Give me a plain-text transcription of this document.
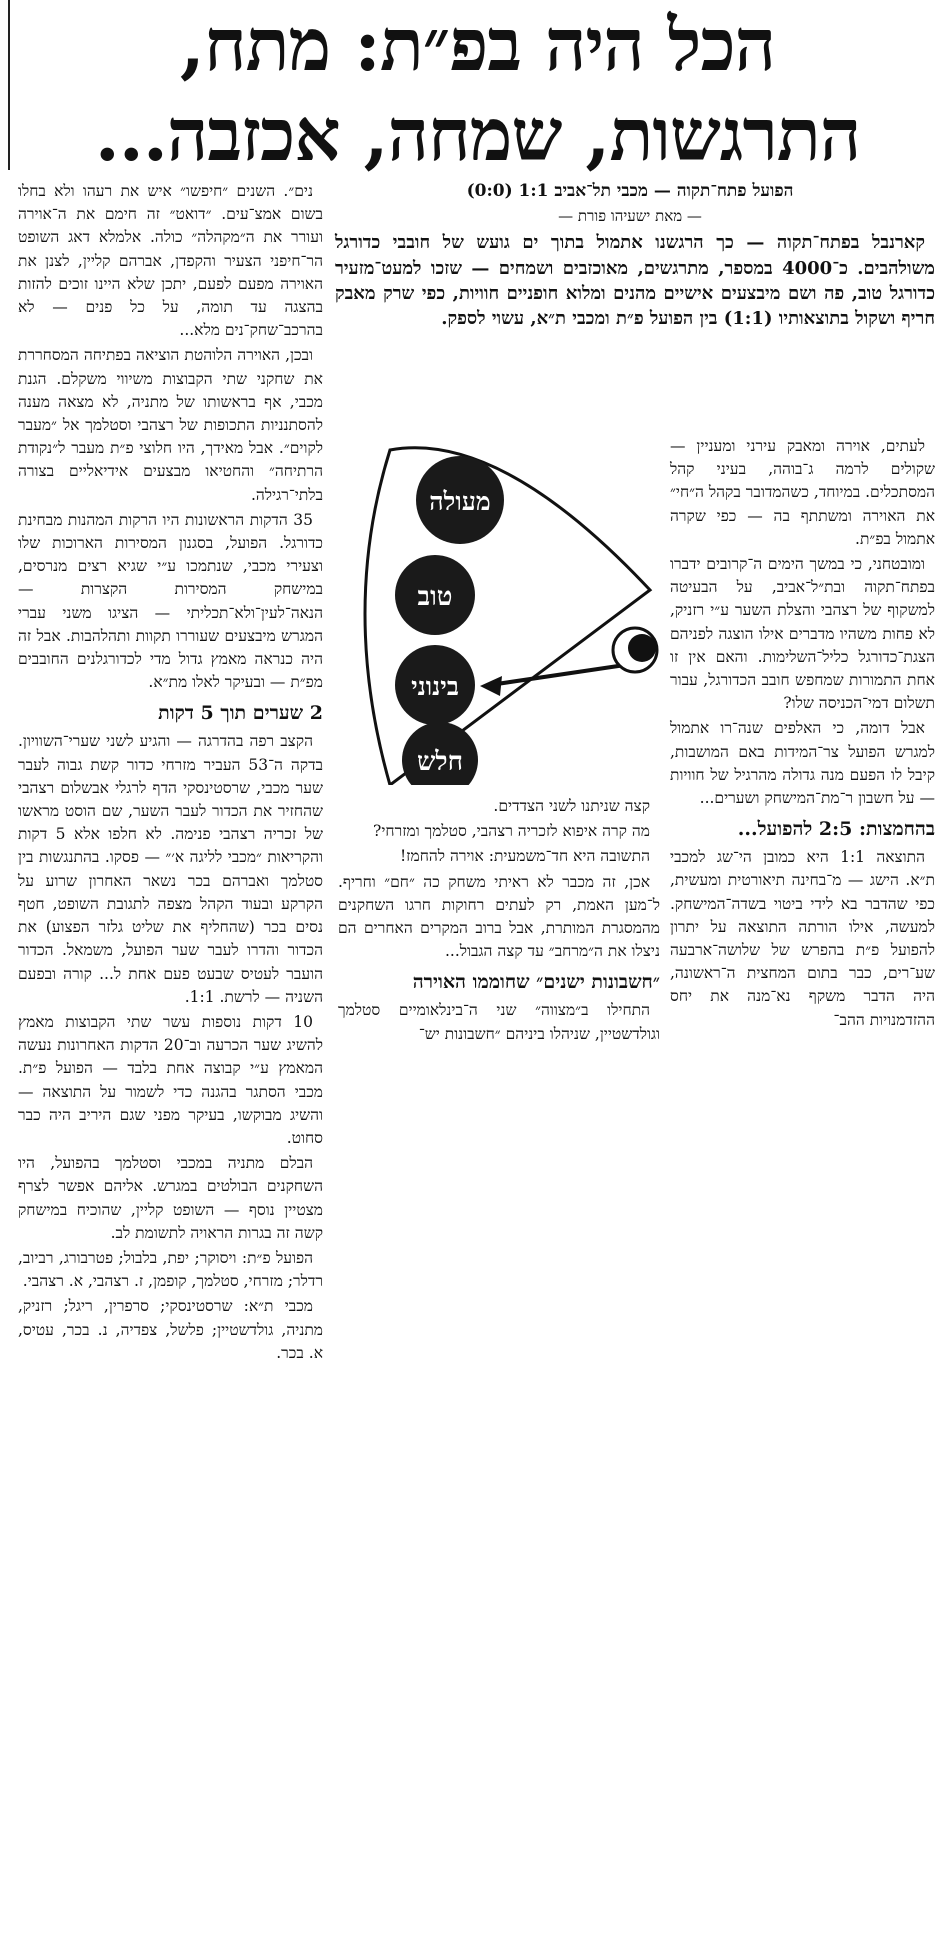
הכל היה בפ״ת: מתח,
התרגשות, שמחה, אכזבה...

הפועל פתח־תקוה — מכבי תל־אביב 1:1 (0:0)

— מאת ישעיהו פורת —

קארנבל בפתח־תקוה — כך הרגשנו אתמול בתוך ים גועש של חובבי כדורגל משולהבים. כ־4000 במספר, מתרגשים, מאוכזבים ושמחים — שזכו למעט־מזעיר כדורגל טוב, פה ושם מיבצעים אישיים מהנים ומלוא חופניים חוויות, כפי שרק מאבק חריף ושקול בתוצאותיו (1:1) בין הפועל פ״ת ומכבי ת״א, עשוי לספק.

לעתים, אוירה ומאבק עירני ומעניין — שקולים לרמה ג־בוהה, בעיני קהל המסתכלים. במיוחד, כשהמדובר בקהל ה״חי״ את האוירה ומשתתף בה — כפי שקרה אתמול בפ״ת.

ומובטחני, כי במשך הימים ה־קרובים ידברו בפתח־תקוה ובת״ל־אביב, על הבעיטה למשקוף של רצהבי והצלת השער ע״י רזניק, לא פחות משהיו מדברים אילו הוצגה לפניהם הצגת־כדורגל כליל־השלימות. והאם אין זו אחת התמורות שמחפש חובב הכדורגל, עבור תשלום דמי־הכניסה שלו?

אבל דומה, כי האלפים שנה־רו אתמול למגרש הפועל צר־המידות באם המושבות, קיבל לו הפעם מנה גדולה מהרגיל של חוויות — על חשבון ר־מת־המישחק ושערים...

בהחמצות: 2:5 להפועל...

התוצאה 1:1 היא כמובן הי־שג למכבי ת״א. הישג — מ־בחינה תיאורטית ומעשית, כפי שהדבר בא לידי ביטוי בשדה־המישחק. למעשה, אילו הורתה התוצאה על יתרון להפועל פ״ת בהפרש של שלושה־ארבעה שע־רים, כבר בתום המחצית ה־ראשונה, היה הדבר משקף נא־מנה את יחס ההזדמנויות ההב־

מעולה
טוב
בינוני
חלש

קצה שניתנו לשני הצדדים.

מה קרה איפוא לזכריה רצהבי, סטלמך ומזרחי?

התשובה היא חד־משמעית: אוירה להחמז!

אכן, זה מכבר לא ראיתי משחק כה ״חם״ וחריף. ל־מען האמת, רק לעתים רחוקות חרגו השחקנים מהמסגרת המותרת, אבל ברוב המקרים האחרים הם ניצלו את ה״מרחב״ עד קצה הגבול...

״חשבונות ישנים״ שחוממו האוירה

התחילו ב״מצווה״ שני ה־בינלאומיים סטלמך וגולדשטיין, שניהלו ביניהם ״חשבונות יש־

נים״. השנים ״חיפשו״ איש את רעהו ולא בחלו בשום אמצ־עים. ״דואט״ זה חימם את ה־אוירה ועורר את ה״מקהלה״ כולה. אלמלא דאג השופט הר־חיפני הצעיר והקפדן, אברהם קליין, לצנן את האוירה מפעם לפעם, יתכן שלא היינו זוכים להזות בהצגה עד תומה, על כל פנים — לא בהרכב־שחק־נים מלא...

ובכן, האוירה הלוהטת הוציאה בפתיחה המסחררת את שחקני שתי הקבוצות משיווי משקלם. הגנת מכבי, אף בראשותו של מתניה, לא מצאה מענה להסתנניות התכופות של רצהבי וסטלמך אל ״מעבר לקוים״. אבל מאידך, היו חלוצי פ״ת מעבר ל״נקודת הרתיחה״ והחטיאו מבצעים אידיאליים בצורה בלתי־רגילה.

35 הדקות הראשונות היו הרקות המהנות מבחינת כדורגל. הפועל, בסגנון המסירות הארוכות שלו וצעירי מכבי, שנתמכו ע״י שגיא רצים מנרסים, במישחק המסירות הקצרות — הנאה־לעין־ולא־תכליתי — הציגו משני עברי המגרש מיבצעים שעוררו תקוות ותהלהבות. אבל זה היה כנראה מאמץ גדול מדי לכדורגלנים החובבים מפ״ת — ובעיקר לאלו מת״א.

2 שערים תוך 5 דקות

הקצב רפה בהדרגה — והגיע לשני שערי־השוויון. בדקה ה־53 העביר מזרחי כדור קשת גבוה לעבר שער מכבי, שרסטינסקי הדף לרגלי אבשלום רצהבי שהחזיר את הכדור לעבר השער, שם הוסט מראשו של זכריה רצהבי פנימה. לא חלפו אלא 5 דקות והקריאות ״מכבי לליגה א׳״ — פסקו. בהתנגשות בין סטלמך ואברהם בכר נשאר האחרון שרוע על הקרקע ובעוד הקהל מצפה לתגובת השופט, חטף נסים בכר (שהחליף את שליט גלזר הפצוע) את הכדור והדרו לעבר שער הפועל, משמאל. הכדור הועבר לעטיס שבעט פעם אחת ל... קורה ובפעם השניה — לרשת. 1:1.

10 דקות נוספות עשר שתי הקבוצות מאמץ להשיג שער הכרעה וב־20 הדקות האחרונות נעשה המאמץ ע״י קבוצה אחת בלבד — הפועל פ״ת. מכבי הסתגר בהגנה כדי לשמור על התוצאה — והשיג מבוקשו, בעיקר מפני שגם היריב היה כבר סחוט.

הבלם מתניה במכבי וסטלמך בהפועל, היו השחקנים הבולטים במגרש. אליהם אפשר לצרף מצטיין נוסף — השופט קליין, שהוכיח במישחק קשה זה בגרות הראויה לתשומת לב.

הפועל פ״ת: ויסוקר; יפת, בלבול; פטרבורג, רביוב, רדלר; מזרחי, סטלמך, קופמן, ז. רצהבי, א. רצהבי.

מכבי ת״א: שרסטינסקי; סרפרין, ריגל; רזניק, מתניה, גולדשטיין; פלשל, צפדיה, נ. בכר, עטיס, א. בכר.
